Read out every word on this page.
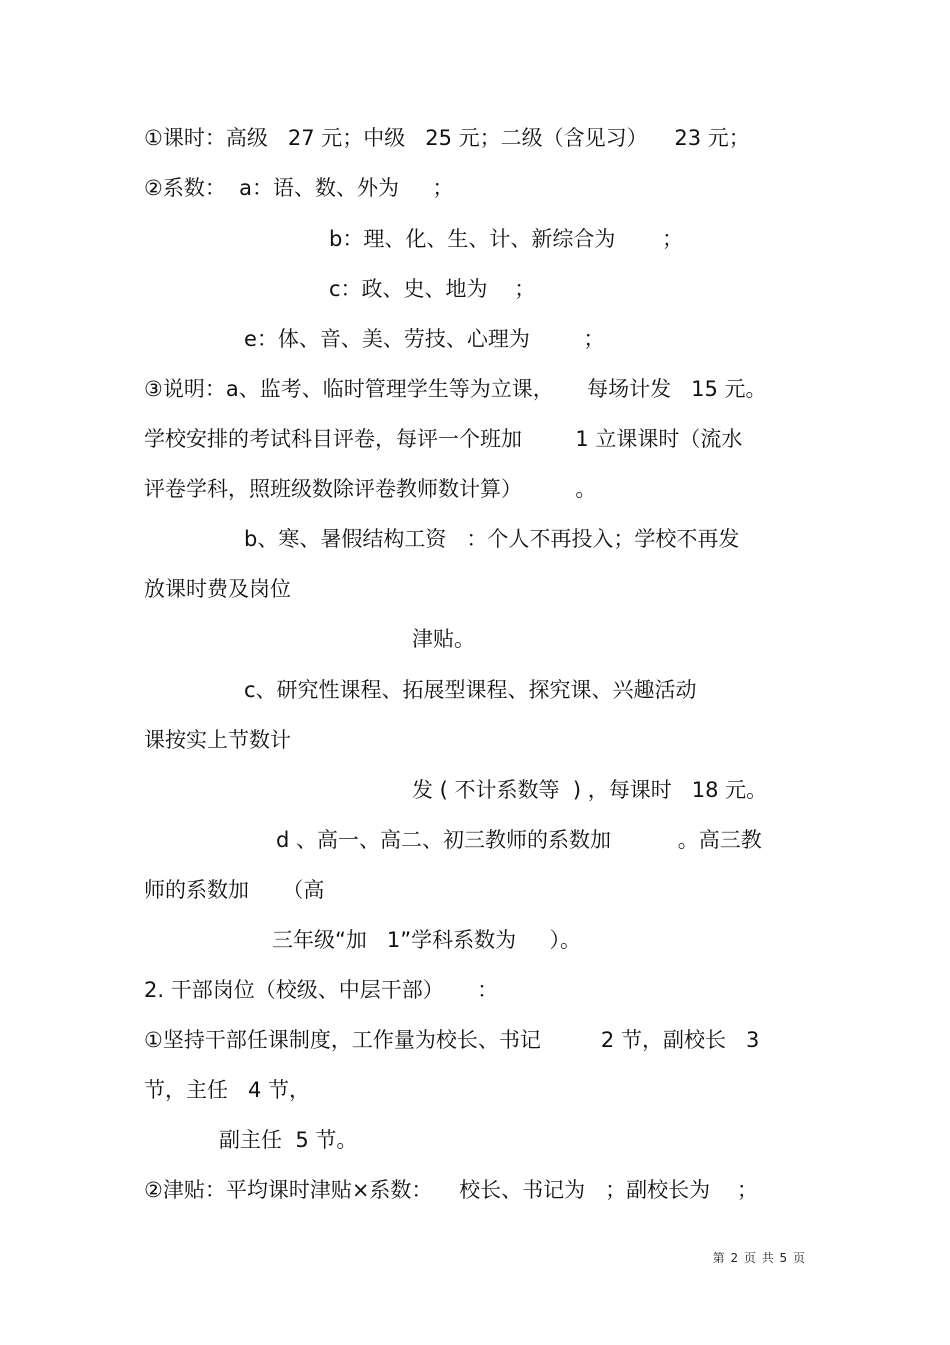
①课时：高级   27 元；中级   25 元；二级（含见习）    23 元；
②系数：  a：语、数、外为     ；
b：理、化、生、计、新综合为       ；
c：政、史、地为    ；
e：体、音、美、劳技、心理为        ；
③说明：a、监考、临时管理学生等为立课，     每场计发   15 元。
学校安排的考试科目评卷，每评一个班加        1 立课课时（流水
评卷学科，照班级数除评卷教师数计算）        。
b、寒、暑假结构工资   ：个人不再投入；学校不再发
放课时费及岗位
津贴。
c、研究性课程、拓展型课程、探究课、兴趣活动
课按实上节数计
发 ( 不计系数等  ) ，每课时   18 元。
d 、高一、高二、初三教师的系数加          。高三教
师的系数加     （高
三年级“加   1”学科系数为     ）。
2. 干部岗位（校级、中层干部）     ：
①坚持干部任课制度，工作量为校长、书记         2 节，副校长   3
节，主任   4 节，
副主任  5 节。
②津贴：平均课时津贴×系数：    校长、书记为   ；副校长为    ；
第 2 页 共 5 页
